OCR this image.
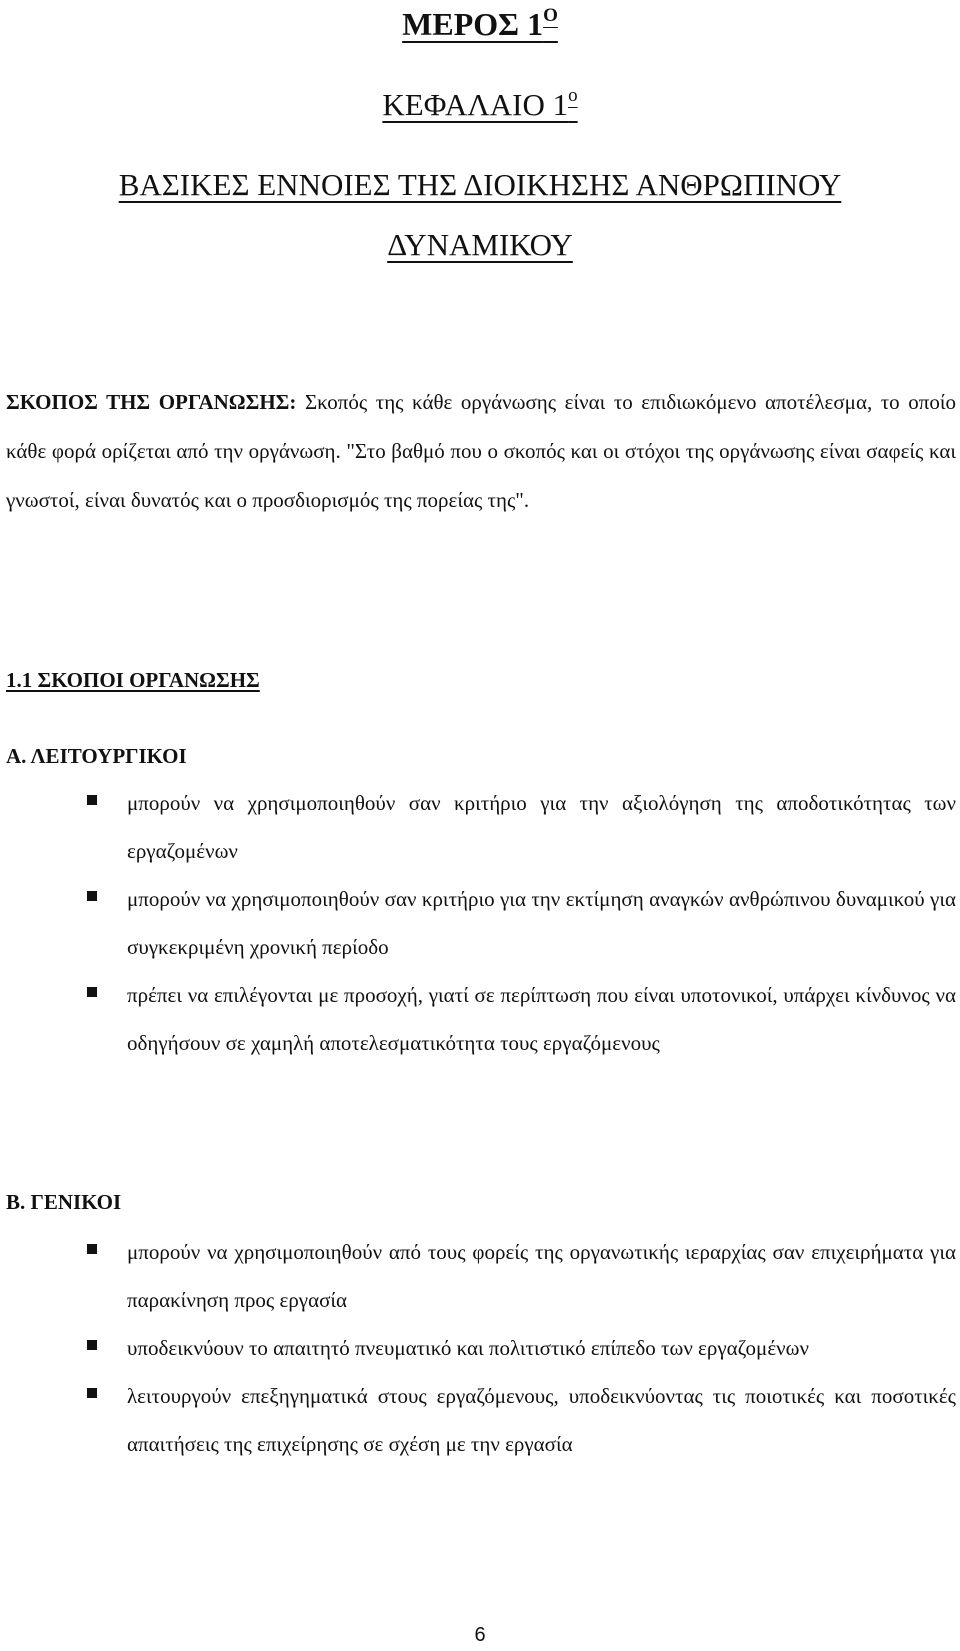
ΜΕΡΟΣ $1^O$
ΚΕΦΑΛΑΙΟ $1^o$
ΒΑΣΙΚΕΣ ΕΝΝΟΙΕΣ ΤΗΣ ΔΙΟΙΚΗΣΗΣ ΑΝΘΡΩΠΙΝΟΥ
ΔΥΝΑΜΙΚΟΥ

ΣΚΟΠΟΣ ΤΗΣ ΟΡΓΑΝΩΣΗΣ: Σκοπός της κάθε οργάνωσης είναι το επιδιωκόμενο αποτέλεσμα, το οποίο κάθε φορά ορίζεται από την οργάνωση. "Στο βαθμό που ο σκοπός και οι στόχοι της οργάνωσης είναι σαφείς και γνωστοί, είναι δυνατός και ο προσδιορισμός της πορείας της".

1.1 ΣΚΟΠΟΙ ΟΡΓΑΝΩΣΗΣ
Α. ΛΕΙΤΟΥΡΓΙΚΟΙ
μπορούν να χρησιμοποιηθούν σαν κριτήριο για την αξιολόγηση της αποδοτικότητας των εργαζομένων
μπορούν να χρησιμοποιηθούν σαν κριτήριο για την εκτίμηση αναγκών ανθρώπινου δυναμικού για συγκεκριμένη χρονική περίοδο
πρέπει να επιλέγονται με προσοχή, γιατί σε περίπτωση που είναι υποτονικοί, υπάρχει κίνδυνος να οδηγήσουν σε χαμηλή αποτελεσματικότητα τους εργαζόμενους
Β. ΓΕΝΙΚΟΙ
μπορούν να χρησιμοποιηθούν από τους φορείς της οργανωτικής ιεραρχίας σαν επιχειρήματα για παρακίνηση προς εργασία
υποδεικνύουν το απαιτητό πνευματικό και πολιτιστικό επίπεδο των εργαζομένων
λειτουργούν επεξηγηματικά στους εργαζόμενους, υποδεικνύοντας τις ποιοτικές και ποσοτικές απαιτήσεις της επιχείρησης σε σχέση με την εργασία
6
